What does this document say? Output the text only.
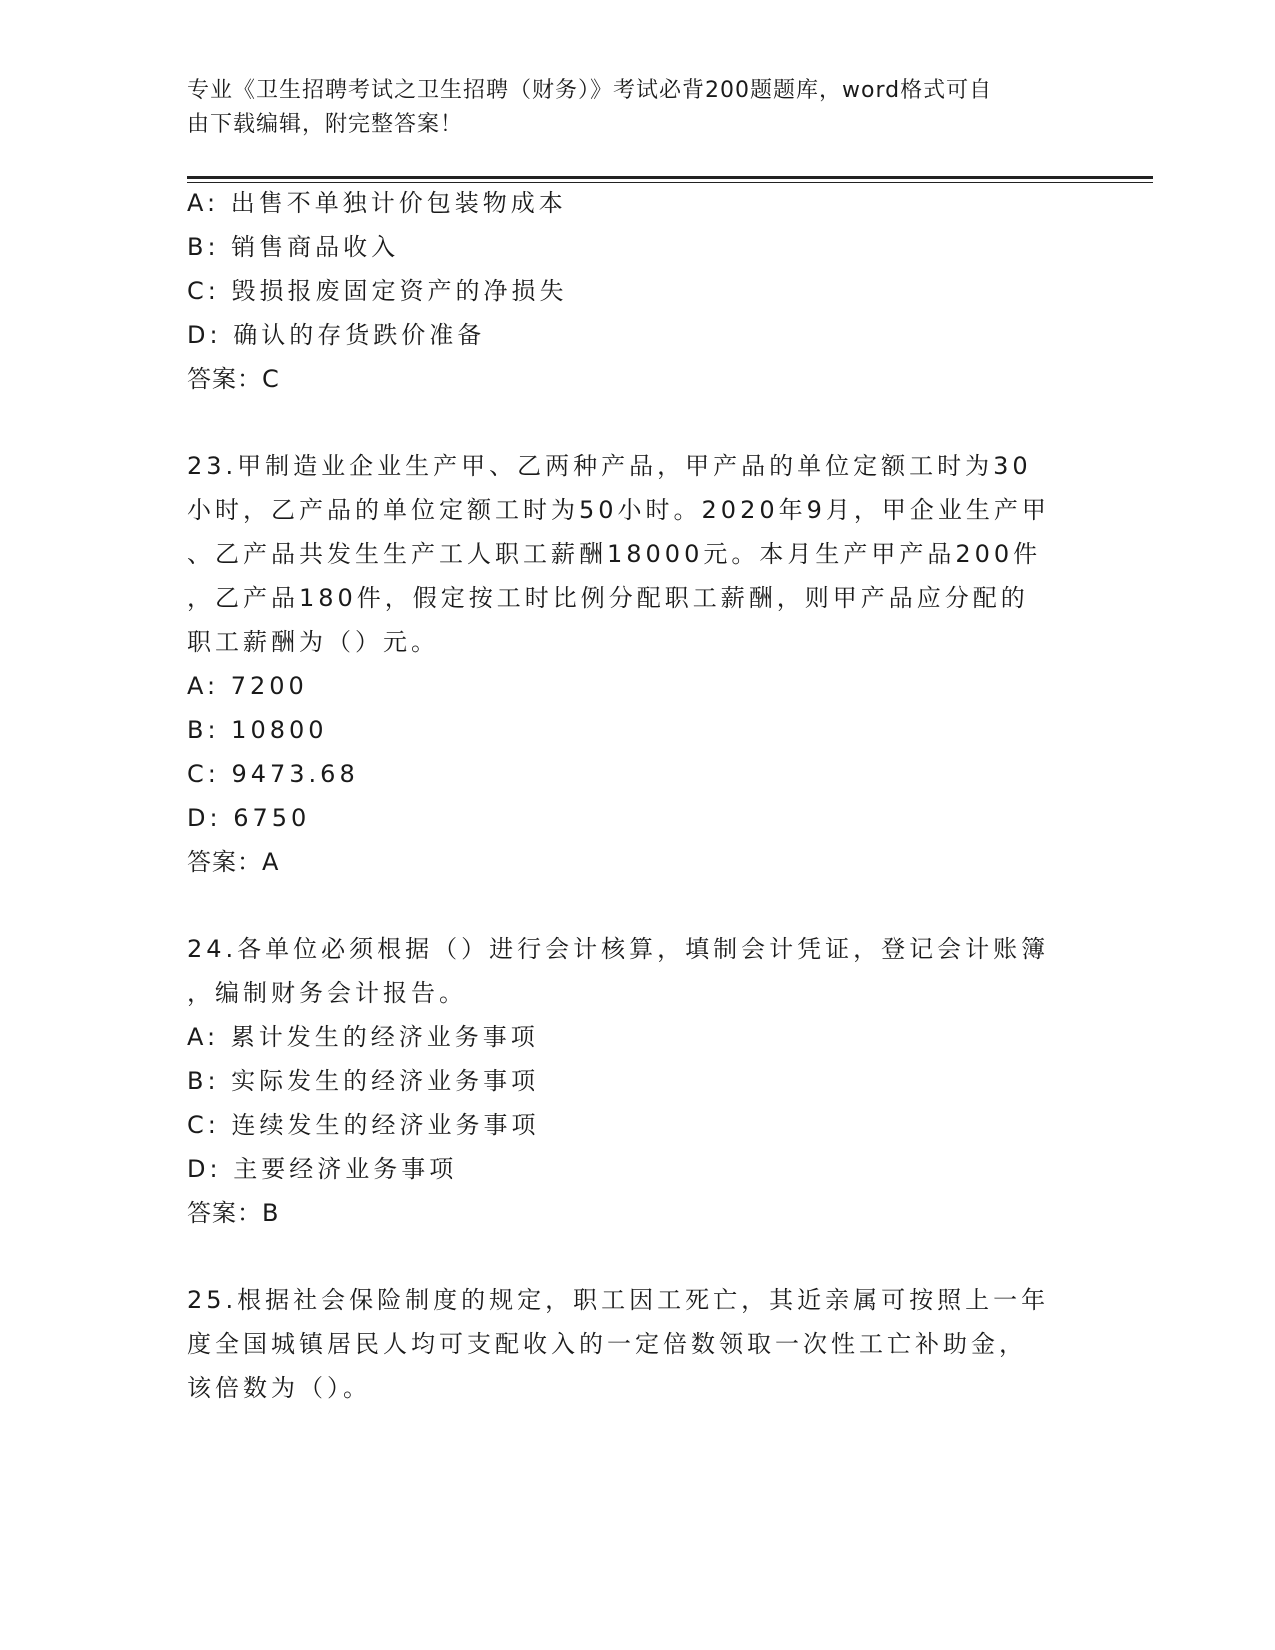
专业《卫生招聘考试之卫生招聘（财务）》考试必背200题题库，word格式可自
由下载编辑，附完整答案！
A: 出售不单独计价包装物成本
B: 销售商品收入
C: 毁损报废固定资产的净损失
D: 确认的存货跌价准备
答案：C
23.甲制造业企业生产甲、乙两种产品，甲产品的单位定额工时为30
小时，乙产品的单位定额工时为50小时。2020年9月，甲企业生产甲
、乙产品共发生生产工人职工薪酬18000元。本月生产甲产品200件
，乙产品180件，假定按工时比例分配职工薪酬，则甲产品应分配的
职工薪酬为（）元。
A: 7200
B: 10800
C: 9473.68
D: 6750
答案：A
24.各单位必须根据（）进行会计核算，填制会计凭证，登记会计账簿
，编制财务会计报告。
A: 累计发生的经济业务事项
B: 实际发生的经济业务事项
C: 连续发生的经济业务事项
D: 主要经济业务事项
答案：B
25.根据社会保险制度的规定，职工因工死亡，其近亲属可按照上一年
度全国城镇居民人均可支配收入的一定倍数领取一次性工亡补助金，
该倍数为（）。
